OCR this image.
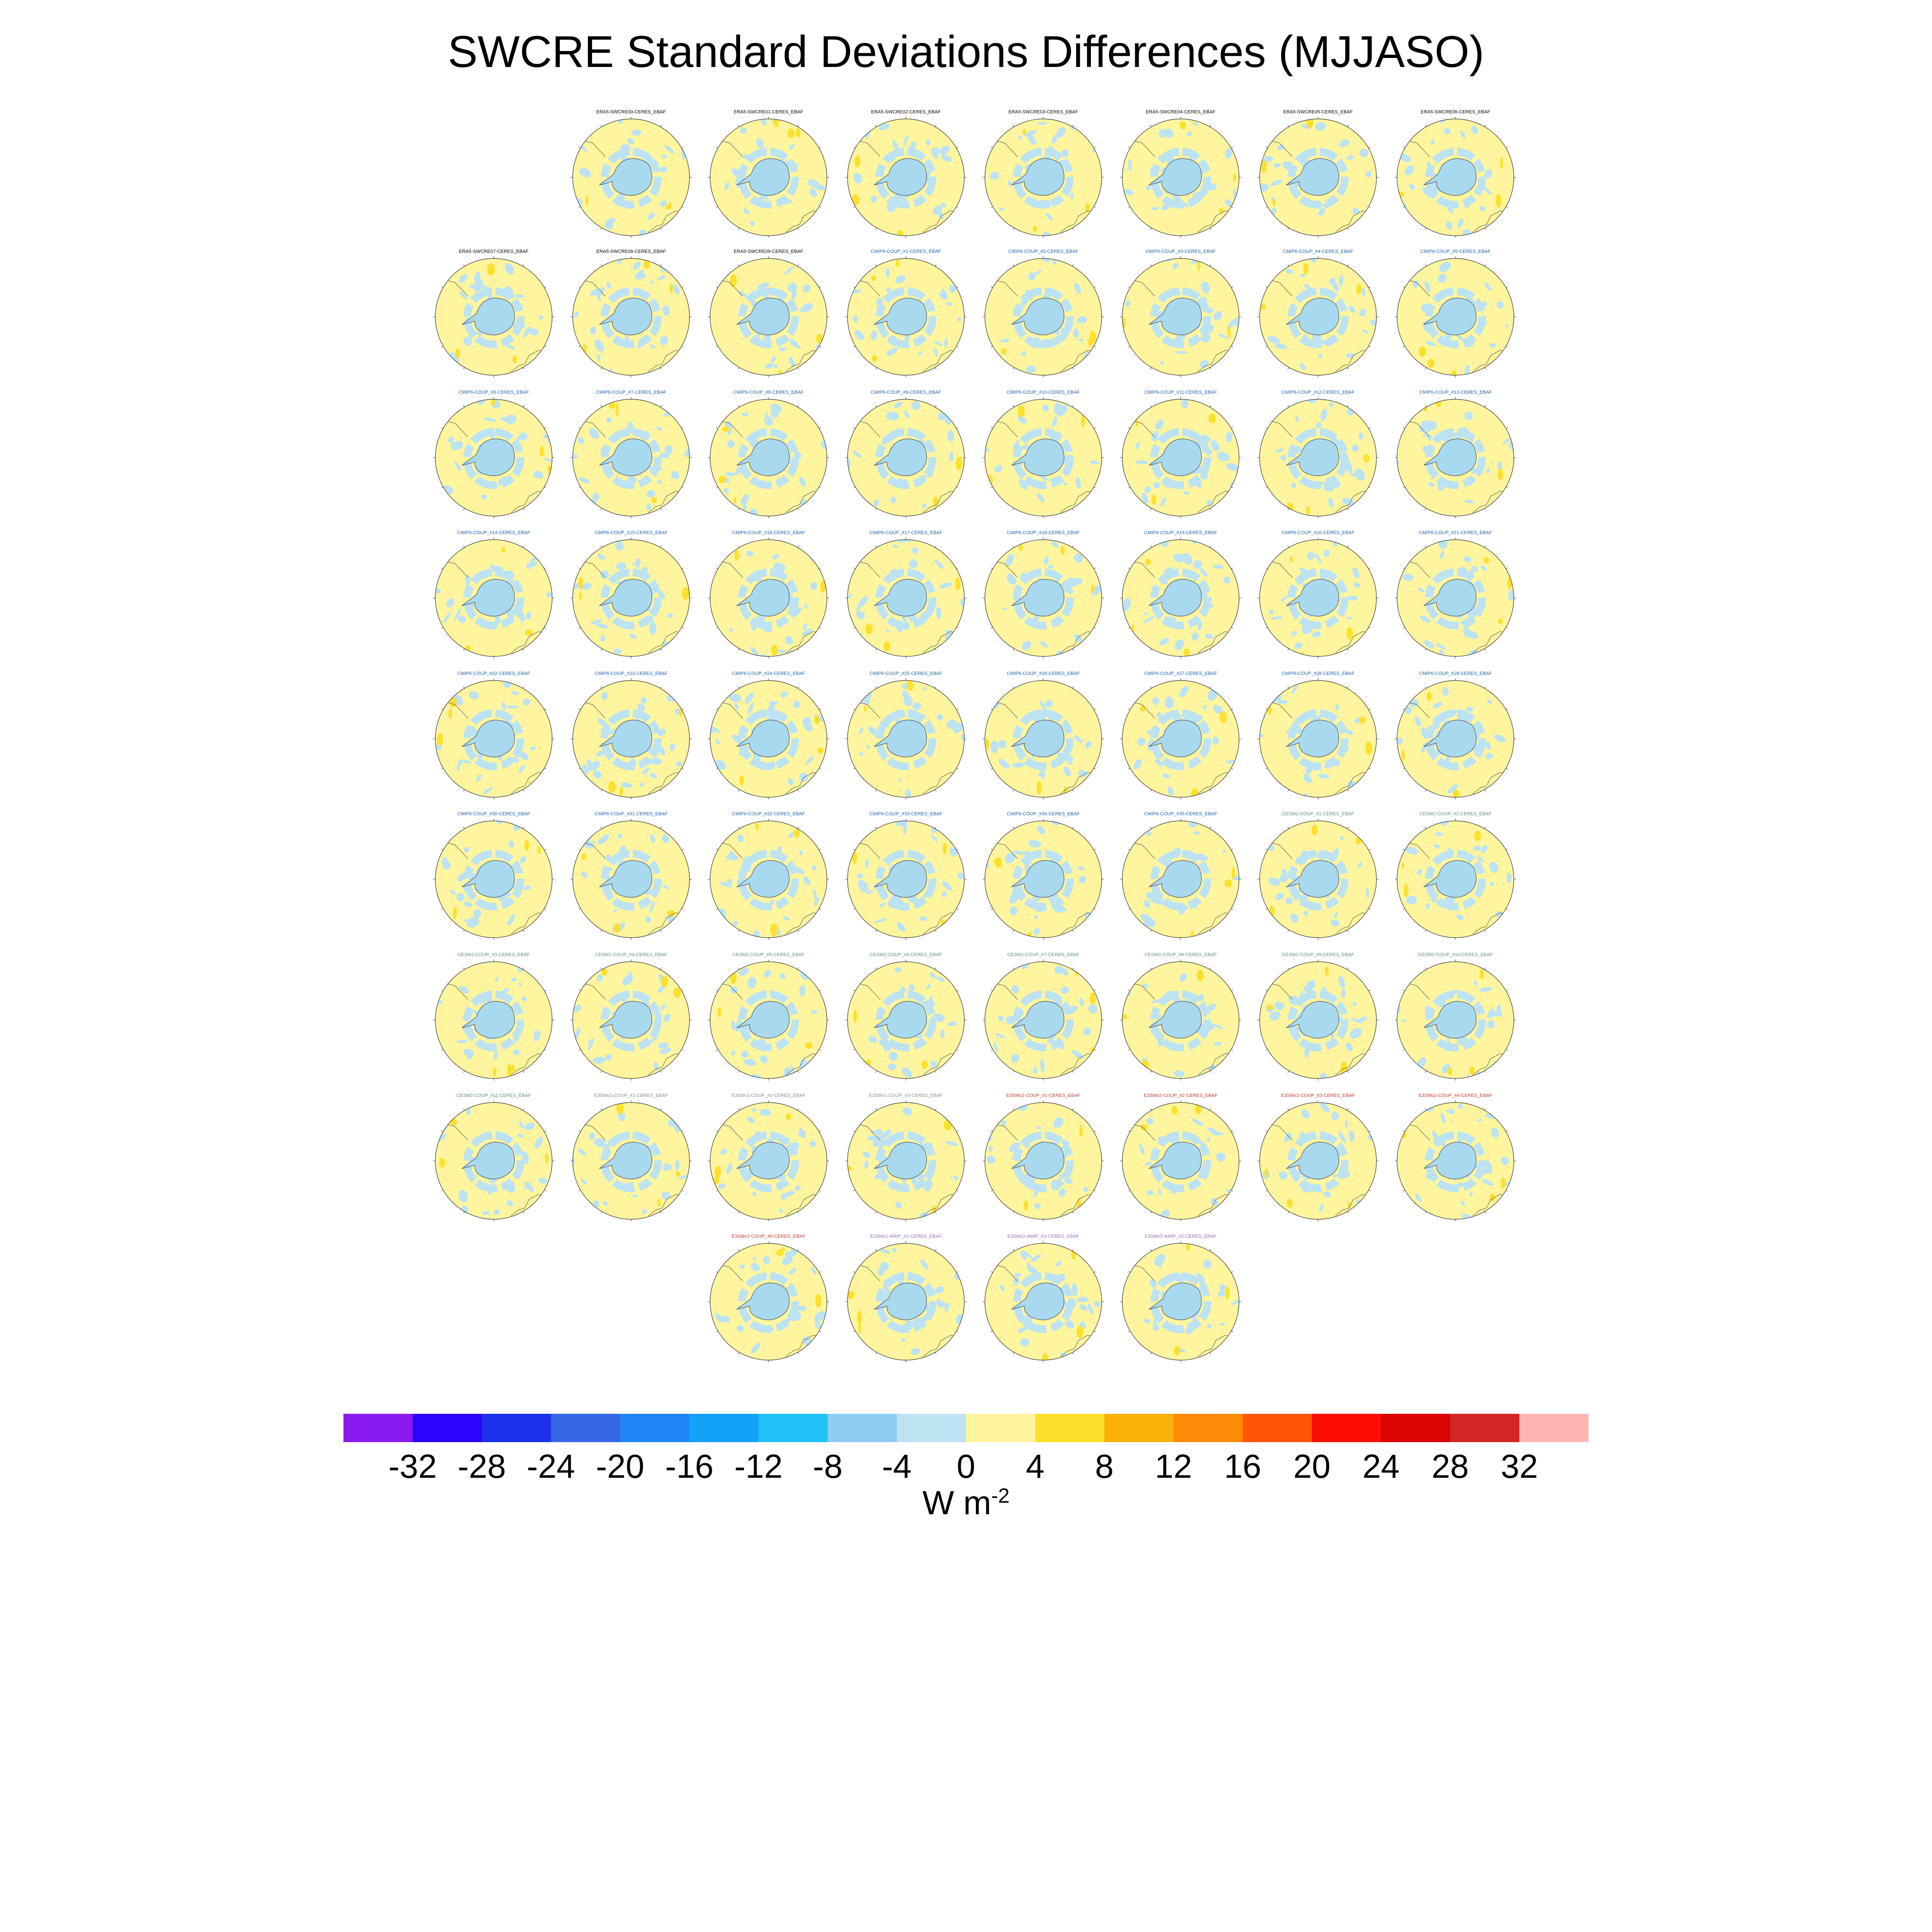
SWCRE Standard Deviations Differences (MJJASO)
ERA5-SWCRE00-CERES_EBAF	ERA5-SWCRE01-CERES_EBAF	ERA5-SWCRE02-CERES_EBAF	ERA5-SWCRE03-CERES_EBAF	ERA5-SWCRE04-CERES_EBAF	ERA5-SWCRE05-CERES_EBAF	ERA5-SWCRE06-CERES_EBAF
ERA5-SWCRE07-CERES_EBAF	ERA5-SWCRE08-CERES_EBAF	ERA5-SWCRE09-CERES_EBAF	CMIP6-COUP_#1-CERES_EBAF	CMIP6-COUP_#2-CERES_EBAF	CMIP6-COUP_#3-CERES_EBAF	CMIP6-COUP_#4-CERES_EBAF	CMIP6-COUP_#5-CERES_EBAF
CMIP6-COUP_#6-CERES_EBAF	CMIP6-COUP_#7-CERES_EBAF	CMIP6-COUP_#8-CERES_EBAF	CMIP6-COUP_#9-CERES_EBAF	CMIP6-COUP_#10-CERES_EBAF	CMIP6-COUP_#11-CERES_EBAF	CMIP6-COUP_#12-CERES_EBAF	CMIP6-COUP_#13-CERES_EBAF
CMIP6-COUP_#14-CERES_EBAF	CMIP6-COUP_#15-CERES_EBAF	CMIP6-COUP_#16-CERES_EBAF	CMIP6-COUP_#17-CERES_EBAF	CMIP6-COUP_#18-CERES_EBAF	CMIP6-COUP_#19-CERES_EBAF	CMIP6-COUP_#20-CERES_EBAF	CMIP6-COUP_#21-CERES_EBAF
CMIP6-COUP_#22-CERES_EBAF	CMIP6-COUP_#23-CERES_EBAF	CMIP6-COUP_#24-CERES_EBAF	CMIP6-COUP_#25-CERES_EBAF	CMIP6-COUP_#26-CERES_EBAF	CMIP6-COUP_#27-CERES_EBAF	CMIP6-COUP_#28-CERES_EBAF	CMIP6-COUP_#29-CERES_EBAF
CMIP6-COUP_#30-CERES_EBAF	CMIP6-COUP_#31-CERES_EBAF	CMIP6-COUP_#32-CERES_EBAF	CMIP6-COUP_#33-CERES_EBAF	CMIP6-COUP_#34-CERES_EBAF	CMIP6-COUP_#35-CERES_EBAF	CESM2-COUP_#1-CERES_EBAF	CESM2-COUP_#2-CERES_EBAF
CESM2-COUP_#3-CERES_EBAF	CESM2-COUP_#4-CERES_EBAF	CESM2-COUP_#5-CERES_EBAF	CESM2-COUP_#6-CERES_EBAF	CESM2-COUP_#7-CERES_EBAF	CESM2-COUP_#8-CERES_EBAF	CESM2-COUP_#9-CERES_EBAF	CESM2-COUP_#10-CERES_EBAF
CESM2-COUP_#11-CERES_EBAF	E3SMv1-COUP_#1-CERES_EBAF	E3SMv1-COUP_#2-CERES_EBAF	E3SMv1-COUP_#3-CERES_EBAF	E3SMv2-COUP_#1-CERES_EBAF	E3SMv2-COUP_#2-CERES_EBAF	E3SMv2-COUP_#3-CERES_EBAF	E3SMv2-COUP_#4-CERES_EBAF
E3SMv2-COUP_#5-CERES_EBAF	E3SMv2-AMIP_#1-CERES_EBAF	E3SMv2-AMIP_#2-CERES_EBAF	E3SMv2-AMIP_#3-CERES_EBAF
-32 -28 -24 -20 -16 -12 -8 -4 0 4 8 12 16 20 24 28 32
W $m^{-2}$
